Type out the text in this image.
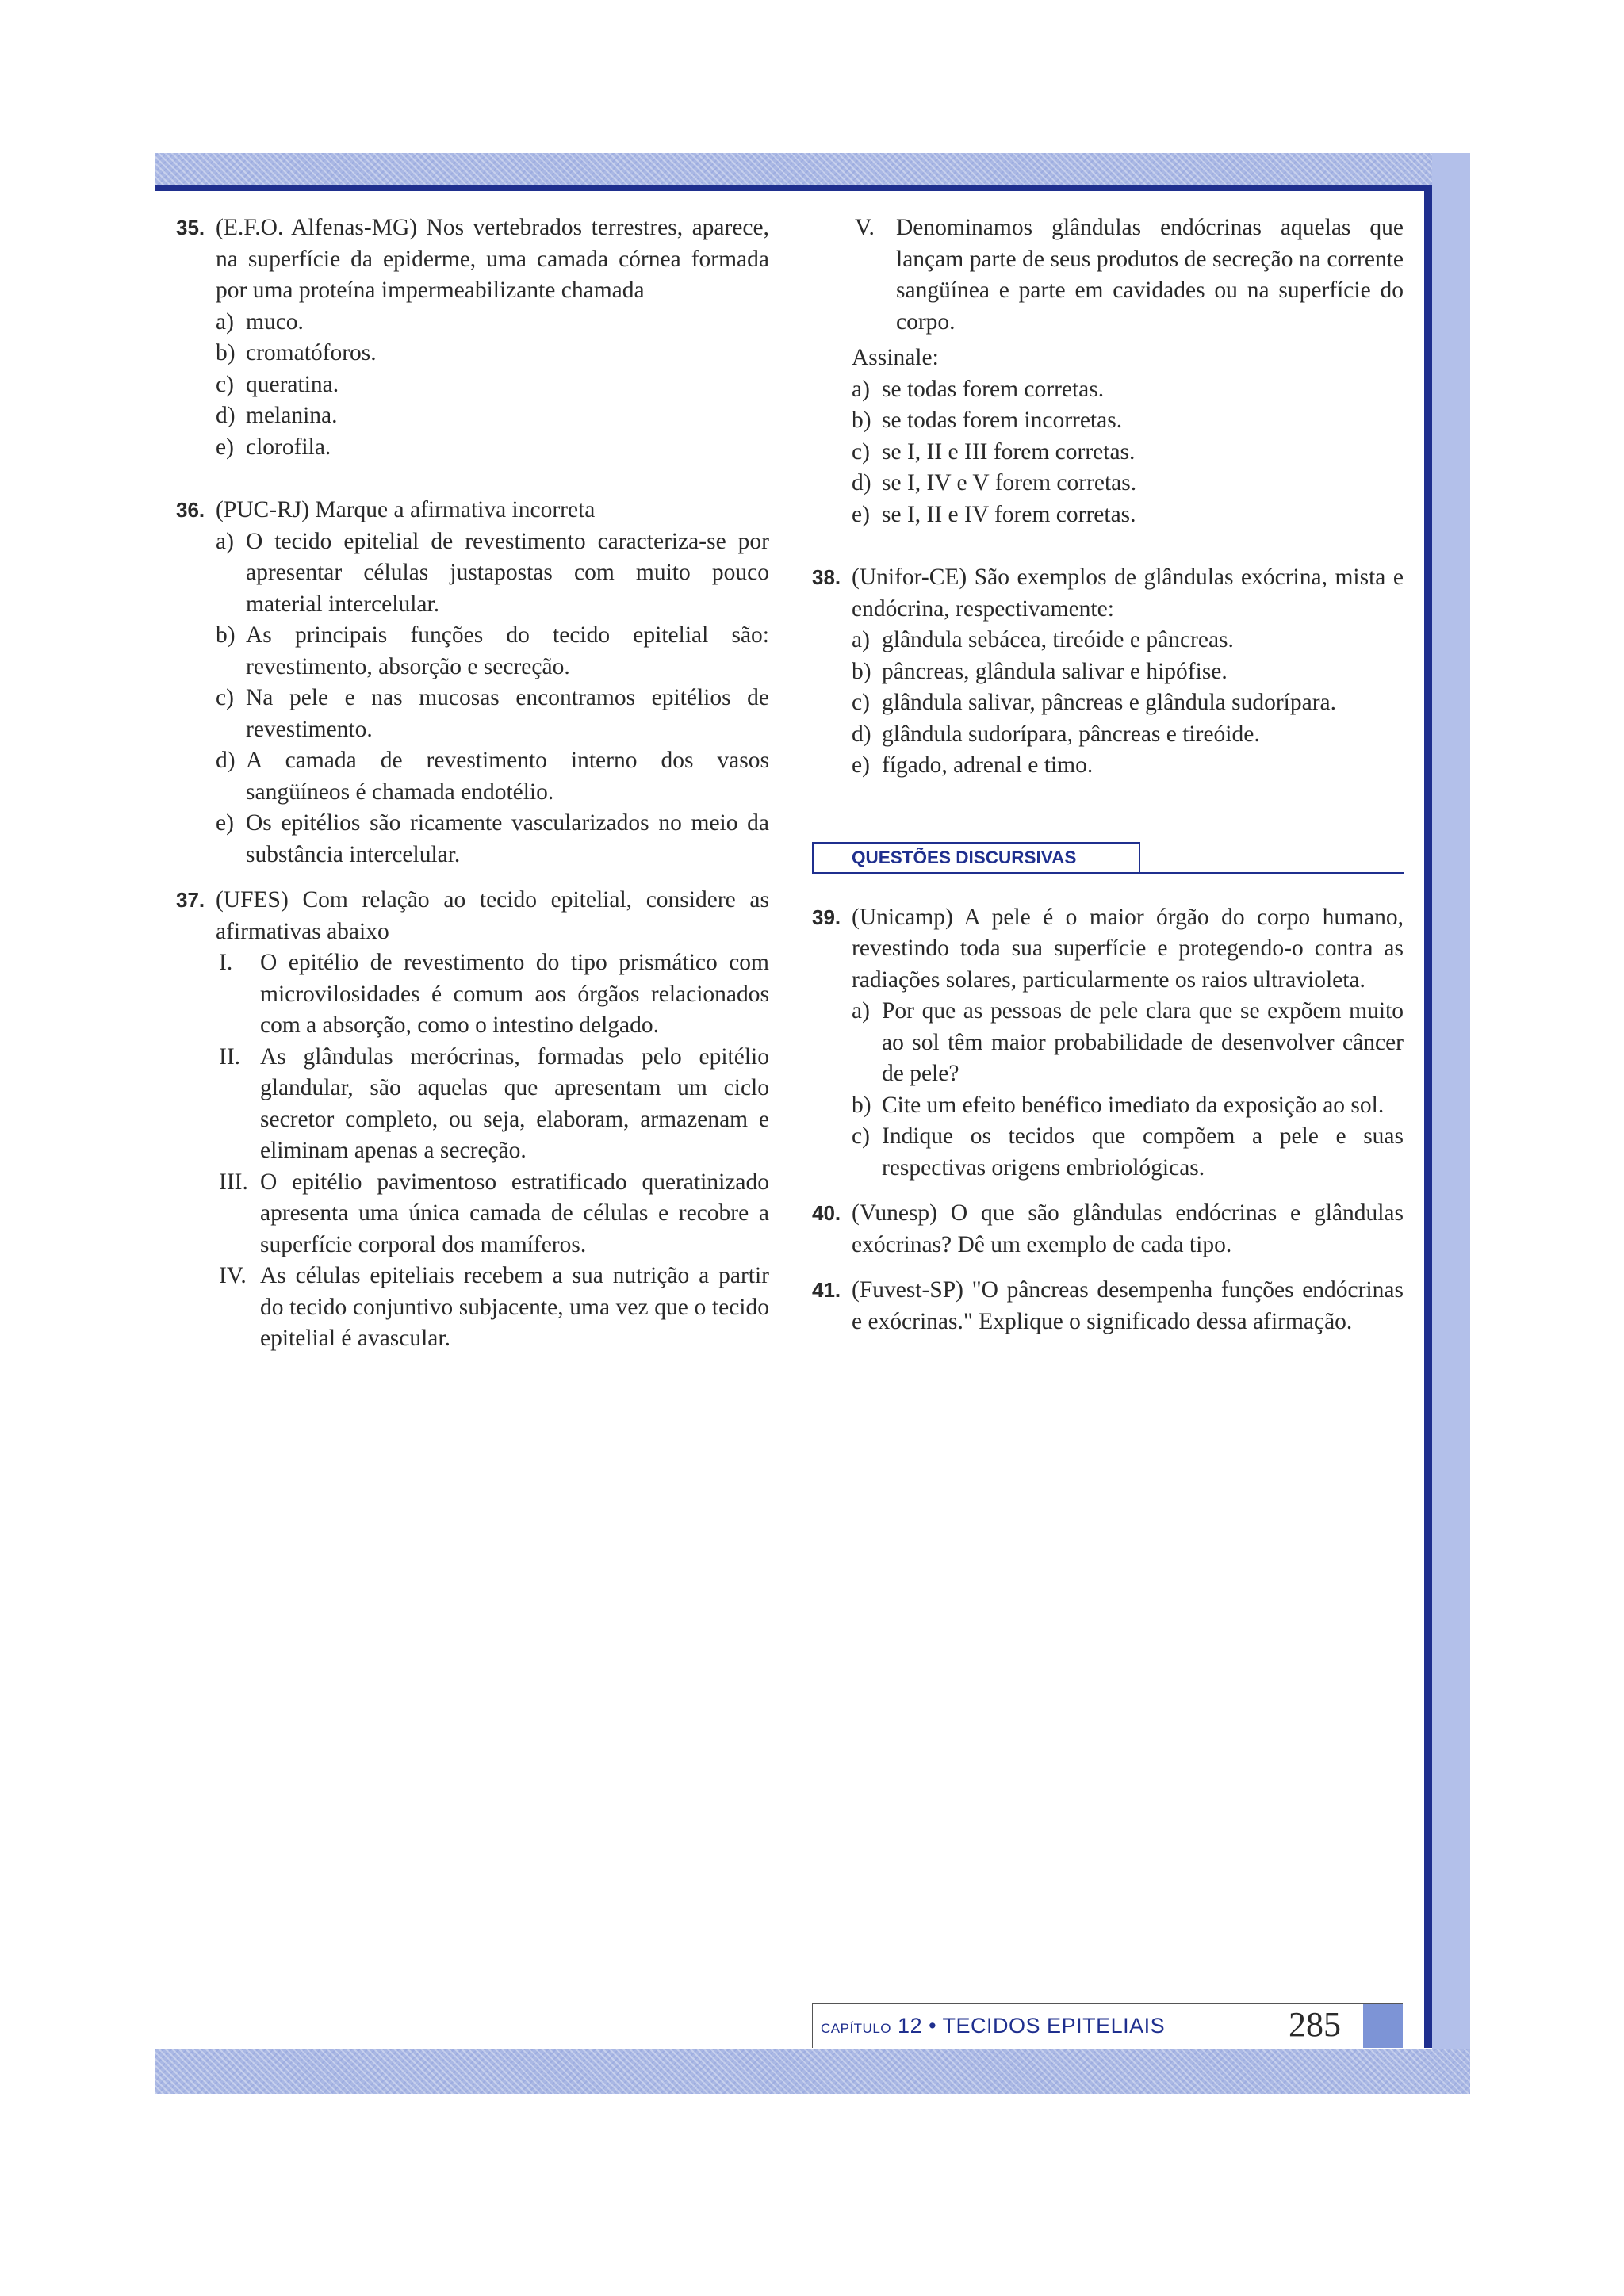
35. (E.F.O. Alfenas-MG) Nos vertebrados terrestres, aparece, na superfície da epiderme, uma camada córnea formada por uma proteína impermeabilizante chamada
a) muco.
b) cromatóforos.
c) queratina.
d) melanina.
e) clorofila.
36. (PUC-RJ) Marque a afirmativa incorreta
a) O tecido epitelial de revestimento caracteriza-se por apresentar células justapostas com muito pouco material intercelular.
b) As principais funções do tecido epitelial são: revestimento, absorção e secreção.
c) Na pele e nas mucosas encontramos epitélios de revestimento.
d) A camada de revestimento interno dos vasos sangüíneos é chamada endotélio.
e) Os epitélios são ricamente vascularizados no meio da substância intercelular.
37. (UFES) Com relação ao tecido epitelial, considere as afirmativas abaixo
I. O epitélio de revestimento do tipo prismático com microvilosidades é comum aos órgãos relacionados com a absorção, como o intestino delgado.
II. As glândulas merócrinas, formadas pelo epitélio glandular, são aquelas que apresentam um ciclo secretor completo, ou seja, elaboram, armazenam e eliminam apenas a secreção.
III. O epitélio pavimentoso estratificado queratinizado apresenta uma única camada de células e recobre a superfície corporal dos mamíferos.
IV. As células epiteliais recebem a sua nutrição a partir do tecido conjuntivo subjacente, uma vez que o tecido epitelial é avascular.
V. Denominamos glândulas endócrinas aquelas que lançam parte de seus produtos de secreção na corrente sangüínea e parte em cavidades ou na superfície do corpo.
Assinale:
a) se todas forem corretas.
b) se todas forem incorretas.
c) se I, II e III forem corretas.
d) se I, IV e V forem corretas.
e) se I, II e IV forem corretas.
38. (Unifor-CE) São exemplos de glândulas exócrina, mista e endócrina, respectivamente:
a) glândula sebácea, tireóide e pâncreas.
b) pâncreas, glândula salivar e hipófise.
c) glândula salivar, pâncreas e glândula sudorípara.
d) glândula sudorípara, pâncreas e tireóide.
e) fígado, adrenal e timo.
QUESTÕES DISCURSIVAS
39. (Unicamp) A pele é o maior órgão do corpo humano, revestindo toda sua superfície e protegendo-o contra as radiações solares, particularmente os raios ultravioleta.
a) Por que as pessoas de pele clara que se expõem muito ao sol têm maior probabilidade de desenvolver câncer de pele?
b) Cite um efeito benéfico imediato da exposição ao sol.
c) Indique os tecidos que compõem a pele e suas respectivas origens embriológicas.
40. (Vunesp) O que são glândulas endócrinas e glândulas exócrinas? Dê um exemplo de cada tipo.
41. (Fuvest-SP) "O pâncreas desempenha funções endócrinas e exócrinas." Explique o significado dessa afirmação.
CAPÍTULO 12 • TECIDOS EPITELIAIS	285
